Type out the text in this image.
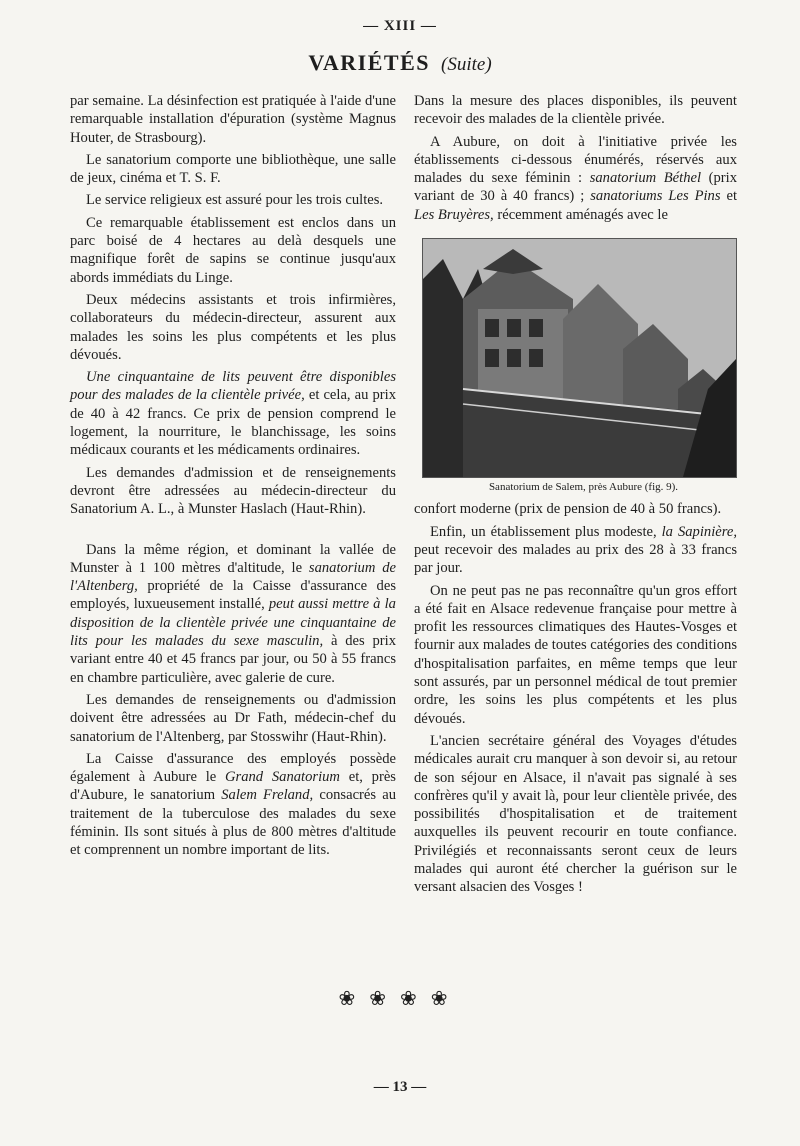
— XIII —
VARIÉTÉS (Suite)

par semaine. La désinfection est pratiquée à l'aide d'une remarquable installation d'épuration (système Magnus Houter, de Strasbourg).

Le sanatorium comporte une bibliothèque, une salle de jeux, cinéma et T. S. F.

Le service religieux est assuré pour les trois cultes.

Ce remarquable établissement est enclos dans un parc boisé de 4 hectares au delà desquels une magnifique forêt de sapins se continue jusqu'aux abords immédiats du Linge.

Deux médecins assistants et trois infirmières, collaborateurs du médecin-directeur, assurent aux malades les soins les plus compétents et les plus dévoués.

Une cinquantaine de lits peuvent être disponibles pour des malades de la clientèle privée, et cela, au prix de 40 à 42 francs. Ce prix de pension comprend le logement, la nourriture, le blanchissage, les soins médicaux courants et les médicaments ordinaires.

Les demandes d'admission et de renseignements devront être adressées au médecin-directeur du Sanatorium A. L., à Munster Haslach (Haut-Rhin).

Dans la même région, et dominant la vallée de Munster à 1 100 mètres d'altitude, le sanatorium de l'Altenberg, propriété de la Caisse d'assurance des employés, luxueusement installé, peut aussi mettre à la disposition de la clientèle privée une cinquantaine de lits pour les malades du sexe masculin, à des prix variant entre 40 et 45 francs par jour, ou 50 à 55 francs en chambre particulière, avec galerie de cure.

Les demandes de renseignements ou d'admission doivent être adressées au Dr Fath, médecin-chef du sanatorium de l'Altenberg, par Stosswihr (Haut-Rhin).

La Caisse d'assurance des employés possède également à Aubure le Grand Sanatorium et, près d'Aubure, le sanatorium Salem Freland, consacrés au traitement de la tuberculose des malades du sexe féminin. Ils sont situés à plus de 800 mètres d'altitude et comprennent un nombre important de lits.

Dans la mesure des places disponibles, ils peuvent recevoir des malades de la clientèle privée.

A Aubure, on doit à l'initiative privée les établissements ci-dessous énumérés, réservés aux malades du sexe féminin : sanatorium Béthel (prix variant de 30 à 40 francs) ; sanatoriums Les Pins et Les Bruyères, récemment aménagés avec le

Sanatorium de Salem, près Aubure (fig. 9).

confort moderne (prix de pension de 40 à 50 francs).

Enfin, un établissement plus modeste, la Sapinière, peut recevoir des malades au prix des 28 à 33 francs par jour.

On ne peut pas ne pas reconnaître qu'un gros effort a été fait en Alsace redevenue française pour mettre à profit les ressources climatiques des Hautes-Vosges et fournir aux malades de toutes catégories des conditions d'hospitalisation parfaites, en même temps que leur sont assurés, par un personnel médical de tout premier ordre, les soins les plus compétents et les plus dévoués.

L'ancien secrétaire général des Voyages d'études médicales aurait cru manquer à son devoir si, au retour de son séjour en Alsace, il n'avait pas signalé à ses confrères qu'il y avait là, pour leur clientèle privée, des possibilités d'hospitalisation et de traitement auxquelles ils peuvent recourir en toute confiance. Privilégiés et reconnaissants seront ceux de leurs malades qui auront été chercher la guérison sur le versant alsacien des Vosges !

❀❀❀❀
— 13 —
